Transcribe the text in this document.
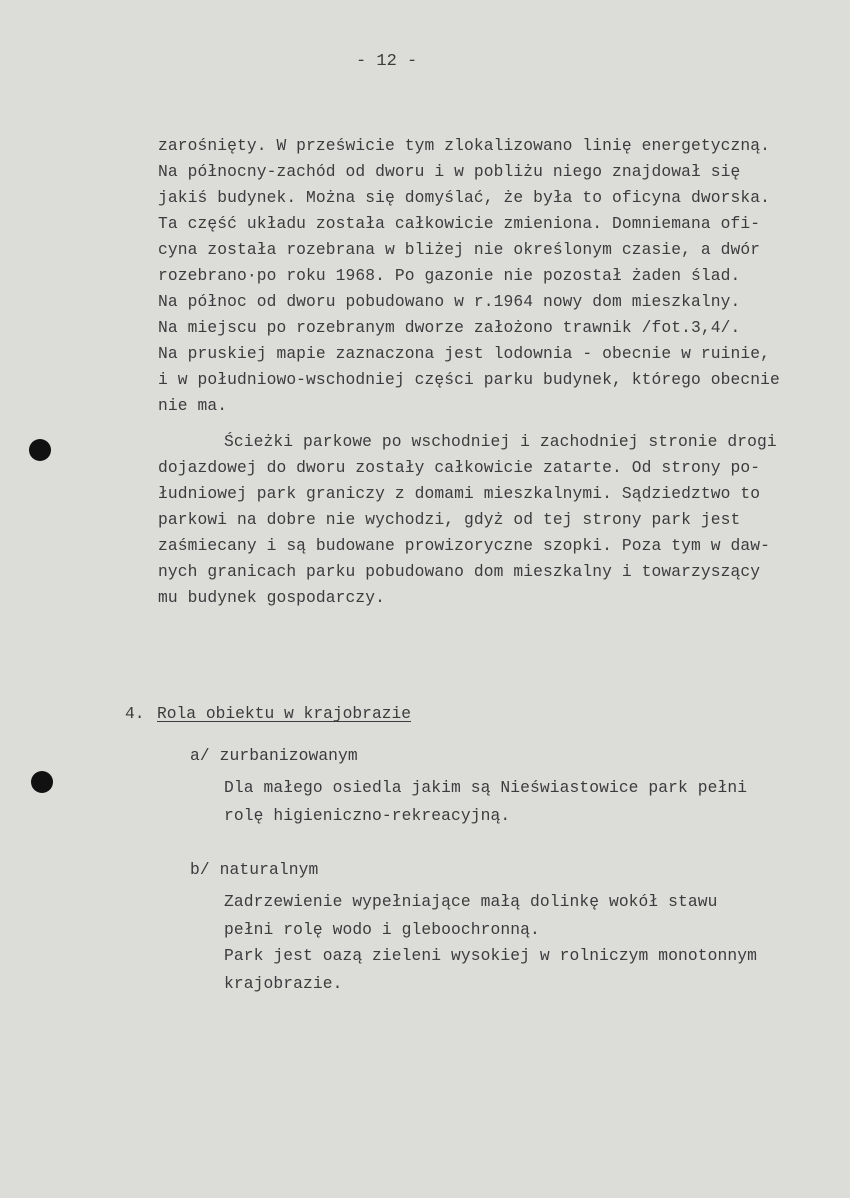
- 12 -
zarośnięty. W prześwicie tym zlokalizowano linię energetyczną.
Na północny-zachód od dworu i w pobliżu niego znajdował się
jakiś budynek. Można się domyślać, że była to oficyna dworska.
Ta część układu została całkowicie zmieniona. Domniemana ofi-
cyna została rozebrana w bliżej nie określonym czasie, a dwór
rozebrano·po roku 1968. Po gazonie nie pozostał żaden ślad.
Na północ od dworu pobudowano w r.1964 nowy dom mieszkalny.
Na miejscu po rozebranym dworze założono trawnik /fot.3,4/.
Na pruskiej mapie zaznaczona jest lodownia - obecnie w ruinie,
i w południowo-wschodniej części parku budynek, którego obecnie
nie ma.
Ścieżki parkowe po wschodniej i zachodniej stronie drogi
dojazdowej do dworu zostały całkowicie zatarte. Od strony po-
łudniowej park graniczy z domami mieszkalnymi. Sądziedztwo to
parkowi na dobre nie wychodzi, gdyż od tej strony park jest
zaśmiecany i są budowane prowizoryczne szopki. Poza tym w daw-
nych granicach parku pobudowano dom mieszkalny i towarzyszący
mu budynek gospodarczy.
4. Rola obiektu w krajobrazie
a/ zurbanizowanym
Dla małego osiedla jakim są Nieświastowice park pełni
rolę higieniczno-rekreacyjną.
b/ naturalnym
Zadrzewienie wypełniające małą dolinkę wokół stawu
pełni rolę wodo i gleboochronną.
Park jest oazą zieleni wysokiej w rolniczym monotonnym
krajobrazie.
